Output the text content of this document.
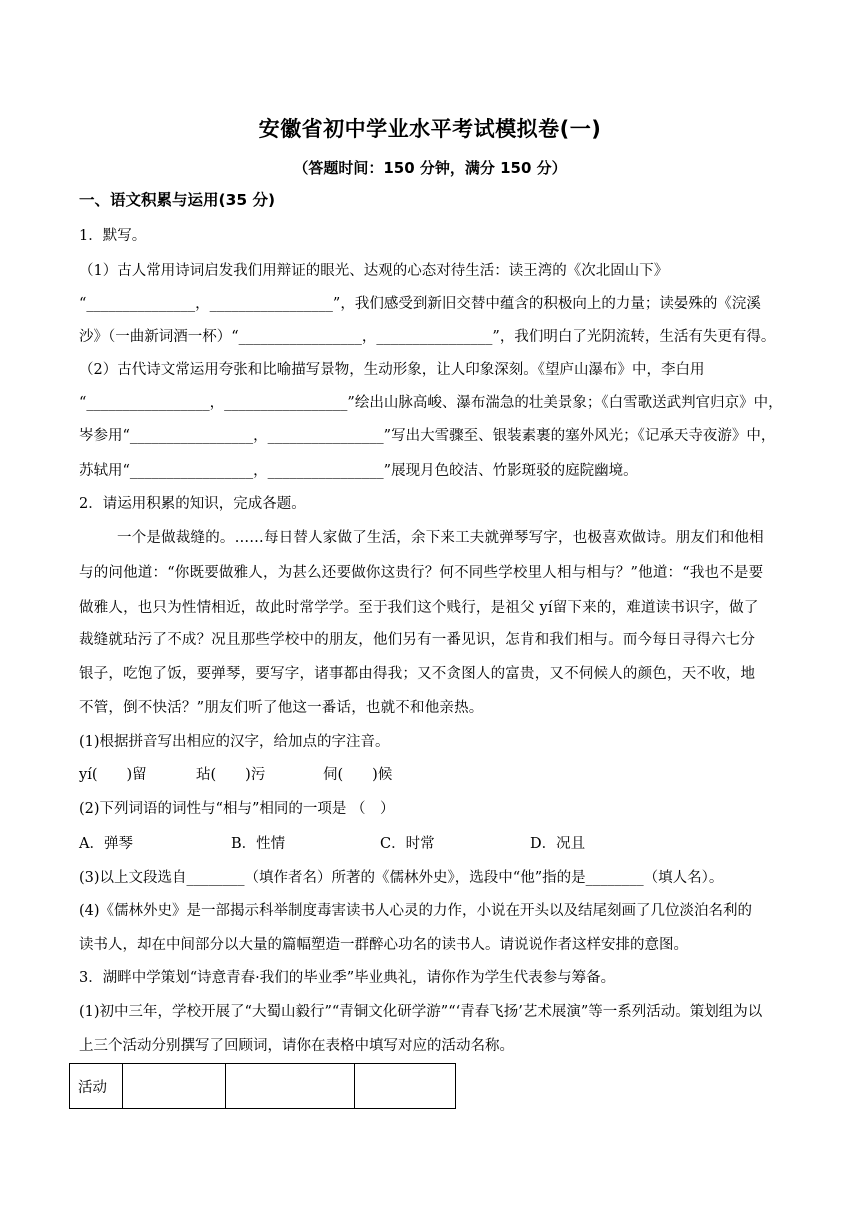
安徽省初中学业水平考试模拟卷(一)
（答题时间：150 分钟，满分 150 分）
一、语文积累与运用(35 分)
1．默写。
（1）古人常用诗词启发我们用辩证的眼光、达观的心态对待生活：读王湾的《次北固山下》
“_______________，_________________”，我们感受到新旧交替中蕴含的积极向上的力量；读晏殊的《浣溪
沙》（一曲新词酒一杯）“_________________，________________”，我们明白了光阴流转，生活有失更有得。
（2）古代诗文常运用夸张和比喻描写景物，生动形象，让人印象深刻。《望庐山瀑布》中，李白用
“_________________，_________________”绘出山脉高峻、瀑布湍急的壮美景象；《白雪歌送武判官归京》中，
岑参用“_________________，________________”写出大雪骤至、银装素裹的塞外风光；《记承天寺夜游》中，
苏轼用“_________________，________________”展现月色皎洁、竹影斑驳的庭院幽境。
2．请运用积累的知识，完成各题。
一个是做裁缝的。……每日替人家做了生活，余下来工夫就弹琴写字，也极喜欢做诗。朋友们和他相
与的问他道：“你既要做雅人，为甚么还要做你这贵行？何不同些学校里人相与相与？”他道：“我也不是要
做雅人，也只为性情相近，故此时常学学。至于我们这个贱行，是祖父 yí留下来的，难道读书识字，做了
裁缝就玷污了不成？况且那些学校中的朋友，他们另有一番见识，怎肯和我们相与。而今每日寻得六七分
银子，吃饱了饭，要弹琴，要写字，诸事都由得我；又不贪图人的富贵，又不伺候人的颜色，天不收，地
不管，倒不快活？”朋友们听了他这一番话，也就不和他亲热。
(1)根据拼音写出相应的汉字，给加点的字注音。
yí(　　)留	玷(　　)污	伺(　　)候
(2)下列词语的词性与“相与”相同的一项是 （　）
A．弹琴	B．性情	C．时常	D．况且
(3)以上文段选自________（填作者名）所著的《儒林外史》，选段中“他”指的是________（填人名）。
(4)《儒林外史》是一部揭示科举制度毒害读书人心灵的力作，小说在开头以及结尾刻画了几位淡泊名利的
读书人，却在中间部分以大量的篇幅塑造一群醉心功名的读书人。请说说作者这样安排的意图。
3．湖畔中学策划“诗意青春·我们的毕业季”毕业典礼，请你作为学生代表参与筹备。
(1)初中三年，学校开展了“大蜀山毅行”“青铜文化研学游”“‘青春飞扬’艺术展演”等一系列活动。策划组为以
上三个活动分别撰写了回顾词，请你在表格中填写对应的活动名称。
活动			
